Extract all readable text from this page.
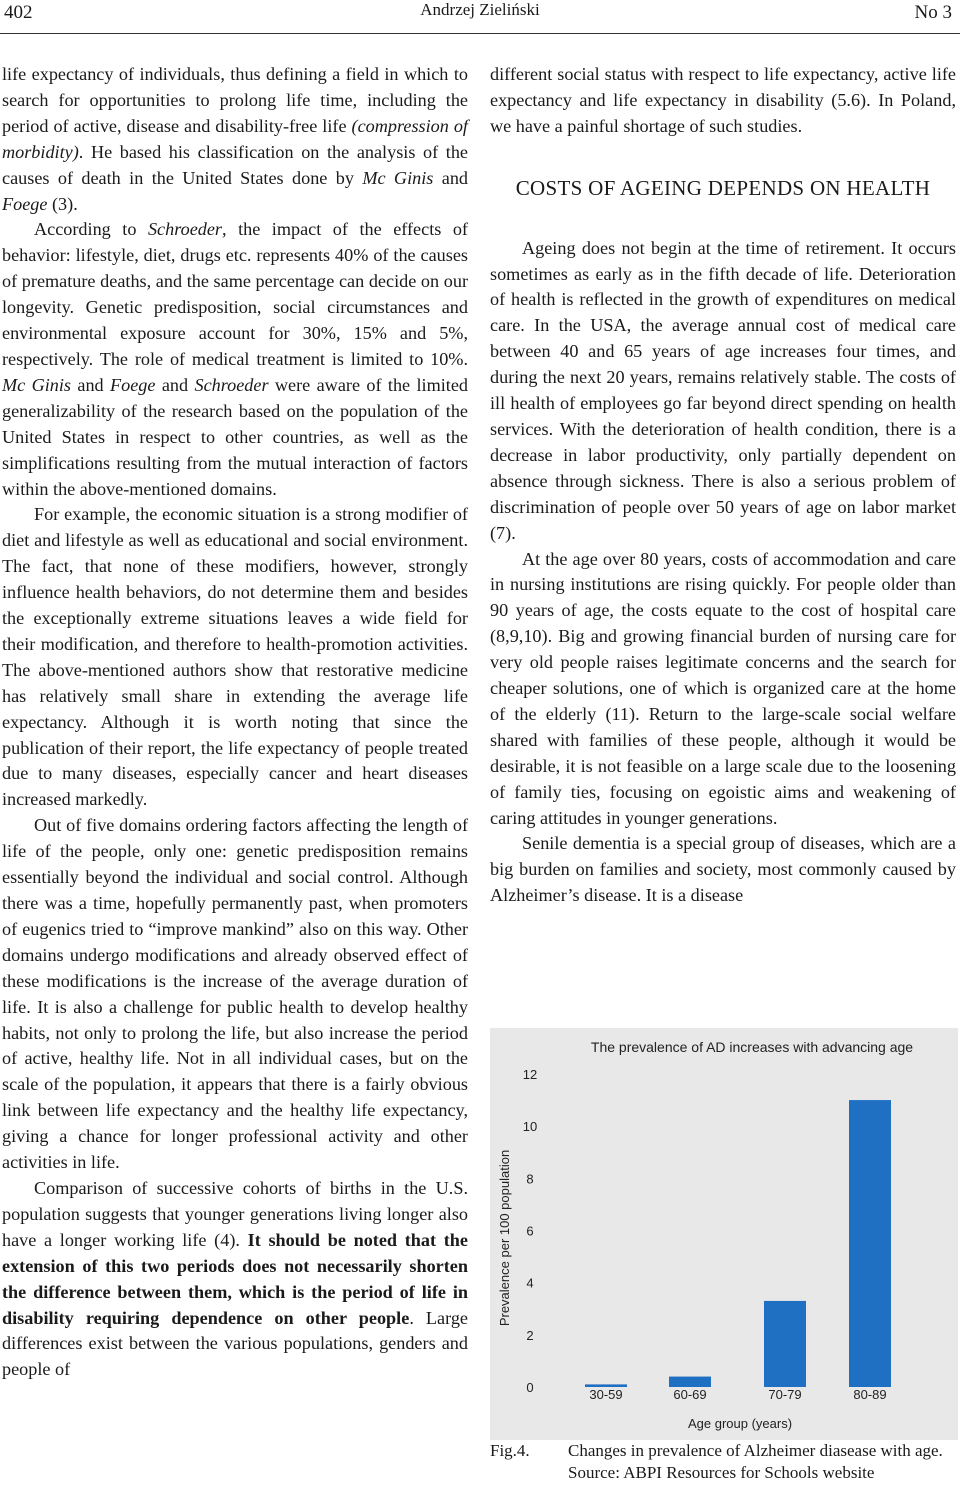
402	Andrzej Zieliński	No 3

life expectancy of individuals, thus defining a field in which to search for opportunities to prolong life time, including the period of active, disease and disability-free life (compression of morbidity). He based his classification on the analysis of the causes of death in the United States done by Mc Ginis and Foege (3).

According to Schroeder, the impact of the effects of behavior: lifestyle, diet, drugs etc. represents 40% of the causes of premature deaths, and the same percentage can decide on our longevity. Genetic predisposition, social circumstances and environmental exposure account for 30%, 15% and 5%, respectively. The role of medical treatment is limited to 10%. Mc Ginis and Foege and Schroeder were aware of the limited generalizability of the research based on the population of the United States in respect to other countries, as well as the simplifications resulting from the mutual interaction of factors within the above-mentioned domains.

For example, the economic situation is a strong modifier of diet and lifestyle as well as educational and social environment. The fact, that none of these modifiers, however, strongly influence health behaviors, do not determine them and besides the exceptionally extreme situations leaves a wide field for their modification, and therefore to health-promotion activities. The above-mentioned authors show that restorative medicine has relatively small share in extending the average life expectancy. Although it is worth noting that since the publication of their report, the life expectancy of people treated due to many diseases, especially cancer and heart diseases increased markedly.

Out of five domains ordering factors affecting the length of life of the people, only one: genetic predisposition remains essentially beyond the individual and social control. Although there was a time, hopefully permanently past, when promoters of eugenics tried to “improve mankind” also on this way. Other domains undergo modifications and already observed effect of these modifications is the increase of the average duration of life. It is also a challenge for public health to develop healthy habits, not only to prolong the life, but also increase the period of active, healthy life. Not in all individual cases, but on the scale of the population, it appears that there is a fairly obvious link between life expectancy and the healthy life expectancy, giving a chance for longer professional activity and other activities in life.

Comparison of successive cohorts of births in the U.S. population suggests that younger generations living longer also have a longer working life (4). It should be noted that the extension of this two periods does not necessarily shorten the difference between them, which is the period of life in disability requiring dependence on other people. Large differences exist between the various populations, genders and people of

different social status with respect to life expectancy, active life expectancy and life expectancy in disability (5.6). In Poland, we have a painful shortage of such studies.

COSTS OF AGEING DEPENDS ON HEALTH

Ageing does not begin at the time of retirement. It occurs sometimes as early as in the fifth decade of life. Deterioration of health is reflected in the growth of expenditures on medical care. In the USA, the average annual cost of medical care between 40 and 65 years of age increases four times, and during the next 20 years, remains relatively stable. The costs of ill health of employees go far beyond direct spending on health services. With the deterioration of health condition, there is a decrease in labor productivity, only partially dependent on absence through sickness. There is also a serious problem of discrimination of people over 50 years of age on labor market (7).

At the age over 80 years, costs of accommodation and care in nursing institutions are rising quickly. For people older than 90 years of age, the costs equate to the cost of hospital care (8,9,10). Big and growing financial burden of nursing care for very old people raises legitimate concerns and the search for cheaper solutions, one of which is organized care at the home of the elderly (11). Return to the large-scale social welfare shared with families of these people, although it would be desirable, it is not feasible on a large scale due to the loosening of family ties, focusing on egoistic aims and weakening of caring attitudes in younger generations.

Senile dementia is a special group of diseases, which are a big burden on families and society, most commonly caused by Alzheimer’s disease. It is a disease

The prevalence of AD increases with advancing age
Age group (years)
Prevalence per 100 population
0
2
4
6
8
10
12
30-59	60-69	70-79	80-89
Fig.4. Changes in prevalence of Alzheimer diasease with age. Source: ABPI Resources for Schools website
